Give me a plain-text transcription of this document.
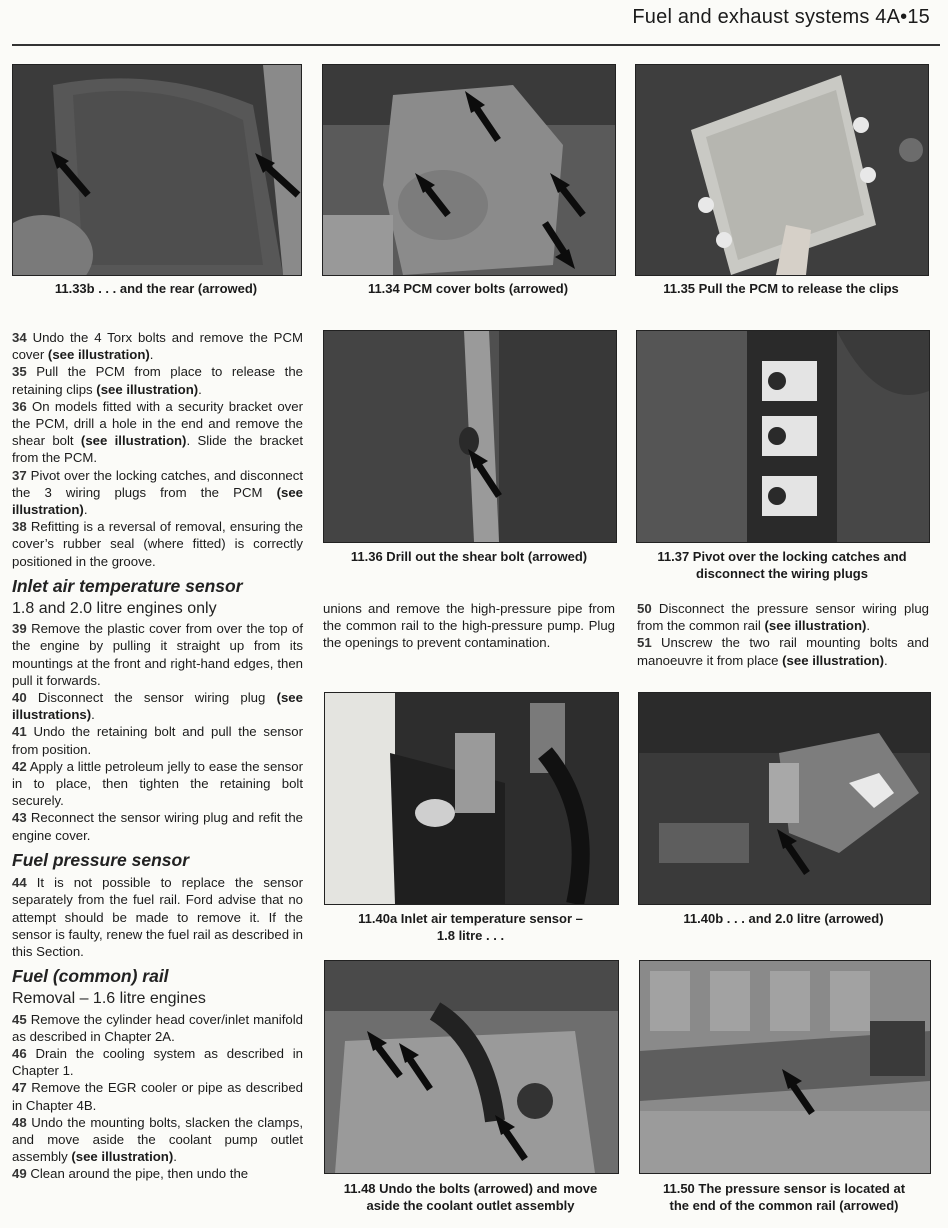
Fuel and exhaust systems 4A•15
11.33b . . . and the rear (arrowed)	11.34 PCM cover bolts (arrowed)	11.35 Pull the PCM to release the clips
11.36 Drill out the shear bolt (arrowed)	11.37 Pivot over the locking catches and
disconnect the wiring plugs
11.40a Inlet air temperature sensor –
1.8 litre . . .
11.40b . . . and 2.0 litre (arrowed)
11.48 Undo the bolts (arrowed) and move
aside the coolant outlet assembly
11.50 The pressure sensor is located at
the end of the common rail (arrowed)

34 Undo the 4 Torx bolts and remove the PCM cover (see illustration).

35 Pull the PCM from place to release the retaining clips (see illustration).

36 On models fitted with a security bracket over the PCM, drill a hole in the end and remove the shear bolt (see illustration). Slide the bracket from the PCM.

37 Pivot over the locking catches, and disconnect the 3 wiring plugs from the PCM (see illustration).

38 Refitting is a reversal of removal, ensuring the cover’s rubber seal (where fitted) is correctly positioned in the groove.

Inlet air temperature sensor

1.8 and 2.0 litre engines only

39 Remove the plastic cover from over the top of the engine by pulling it straight up from its mountings at the front and right-hand edges, then pull it forwards.

40 Disconnect the sensor wiring plug (see illustrations).

41 Undo the retaining bolt and pull the sensor from position.

42 Apply a little petroleum jelly to ease the sensor in to place, then tighten the retaining bolt securely.

43 Reconnect the sensor wiring plug and refit the engine cover.

Fuel pressure sensor

44 It is not possible to replace the sensor separately from the fuel rail. Ford advise that no attempt should be made to remove it. If the sensor is faulty, renew the fuel rail as described in this Section.

Fuel (common) rail

Removal – 1.6 litre engines

45 Remove the cylinder head cover/inlet manifold as described in Chapter 2A.

46 Drain the cooling system as described in Chapter 1.

47 Remove the EGR cooler or pipe as described in Chapter 4B.

48 Undo the mounting bolts, slacken the clamps, and move aside the coolant pump outlet assembly (see illustration).

49 Clean around the pipe, then undo the

unions and remove the high-pressure pipe from the common rail to the high-pressure pump. Plug the openings to prevent contamination.

50 Disconnect the pressure sensor wiring plug from the common rail (see illustration).

51 Unscrew the two rail mounting bolts and manoeuvre it from place (see illustration).
